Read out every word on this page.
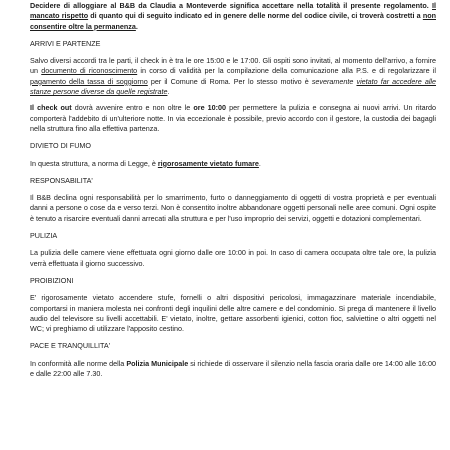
Decidere di alloggiare al B&B da Claudia a Monteverde significa accettare nella totalità il presente regolamento. Il mancato rispetto di quanto qui di seguito indicato ed in genere delle norme del codice civile, ci troverà costretti a non consentire oltre la permanenza.

ARRIVI E PARTENZE

Salvo diversi accordi tra le parti, il check in è tra le ore 15:00 e le 17:00. Gli ospiti sono invitati, al momento dell'arrivo, a fornire un documento di riconoscimento in corso di validità per la compilazione della comunicazione alla P.S. e di regolarizzare il pagamento della tassa di soggiorno per il Comune di Roma. Per lo stesso motivo è severamente vietato far accedere alle stanze persone diverse da quelle registrate.

Il check out dovrà avvenire entro e non oltre le ore 10:00 per permettere la pulizia e consegna ai nuovi arrivi. Un ritardo comporterà l'addebito di un'ulteriore notte. In via eccezionale è possibile, previo accordo con il gestore, la custodia dei bagagli nella struttura fino alla effettiva partenza.

DIVIETO DI FUMO

In questa struttura, a norma di Legge, è rigorosamente vietato fumare.

RESPONSABILITA'

Il B&B declina ogni responsabilità per lo smarrimento, furto o danneggiamento di oggetti di vostra proprietà e per eventuali danni a persone o cose da e verso terzi. Non è consentito inoltre abbandonare oggetti personali nelle aree comuni. Ogni ospite è tenuto a risarcire eventuali danni arrecati alla struttura e per l'uso improprio dei servizi, oggetti e dotazioni complementari.

PULIZIA

La pulizia delle camere viene effettuata ogni giorno dalle ore 10:00 in poi. In caso di camera occupata oltre tale ore, la pulizia verrà effettuata il giorno successivo.

PROIBIZIONI

E' rigorosamente vietato accendere stufe, fornelli o altri dispositivi pericolosi, immagazzinare materiale incendiabile, comportarsi in maniera molesta nei confronti degli inquilini delle altre camere e del condominio. Si prega di mantenere il livello audio del televisore su livelli accettabili. E' vietato, inoltre, gettare assorbenti igienici, cotton fioc, salviettine o altri oggetti nel WC; vi preghiamo di utilizzare l'apposito cestino.

PACE E TRANQUILLITA'

In conformità alle norme della Polizia Municipale si richiede di osservare il silenzio nella fascia oraria dalle ore 14:00 alle 16:00 e dalle 22:00 alle 7.30.
